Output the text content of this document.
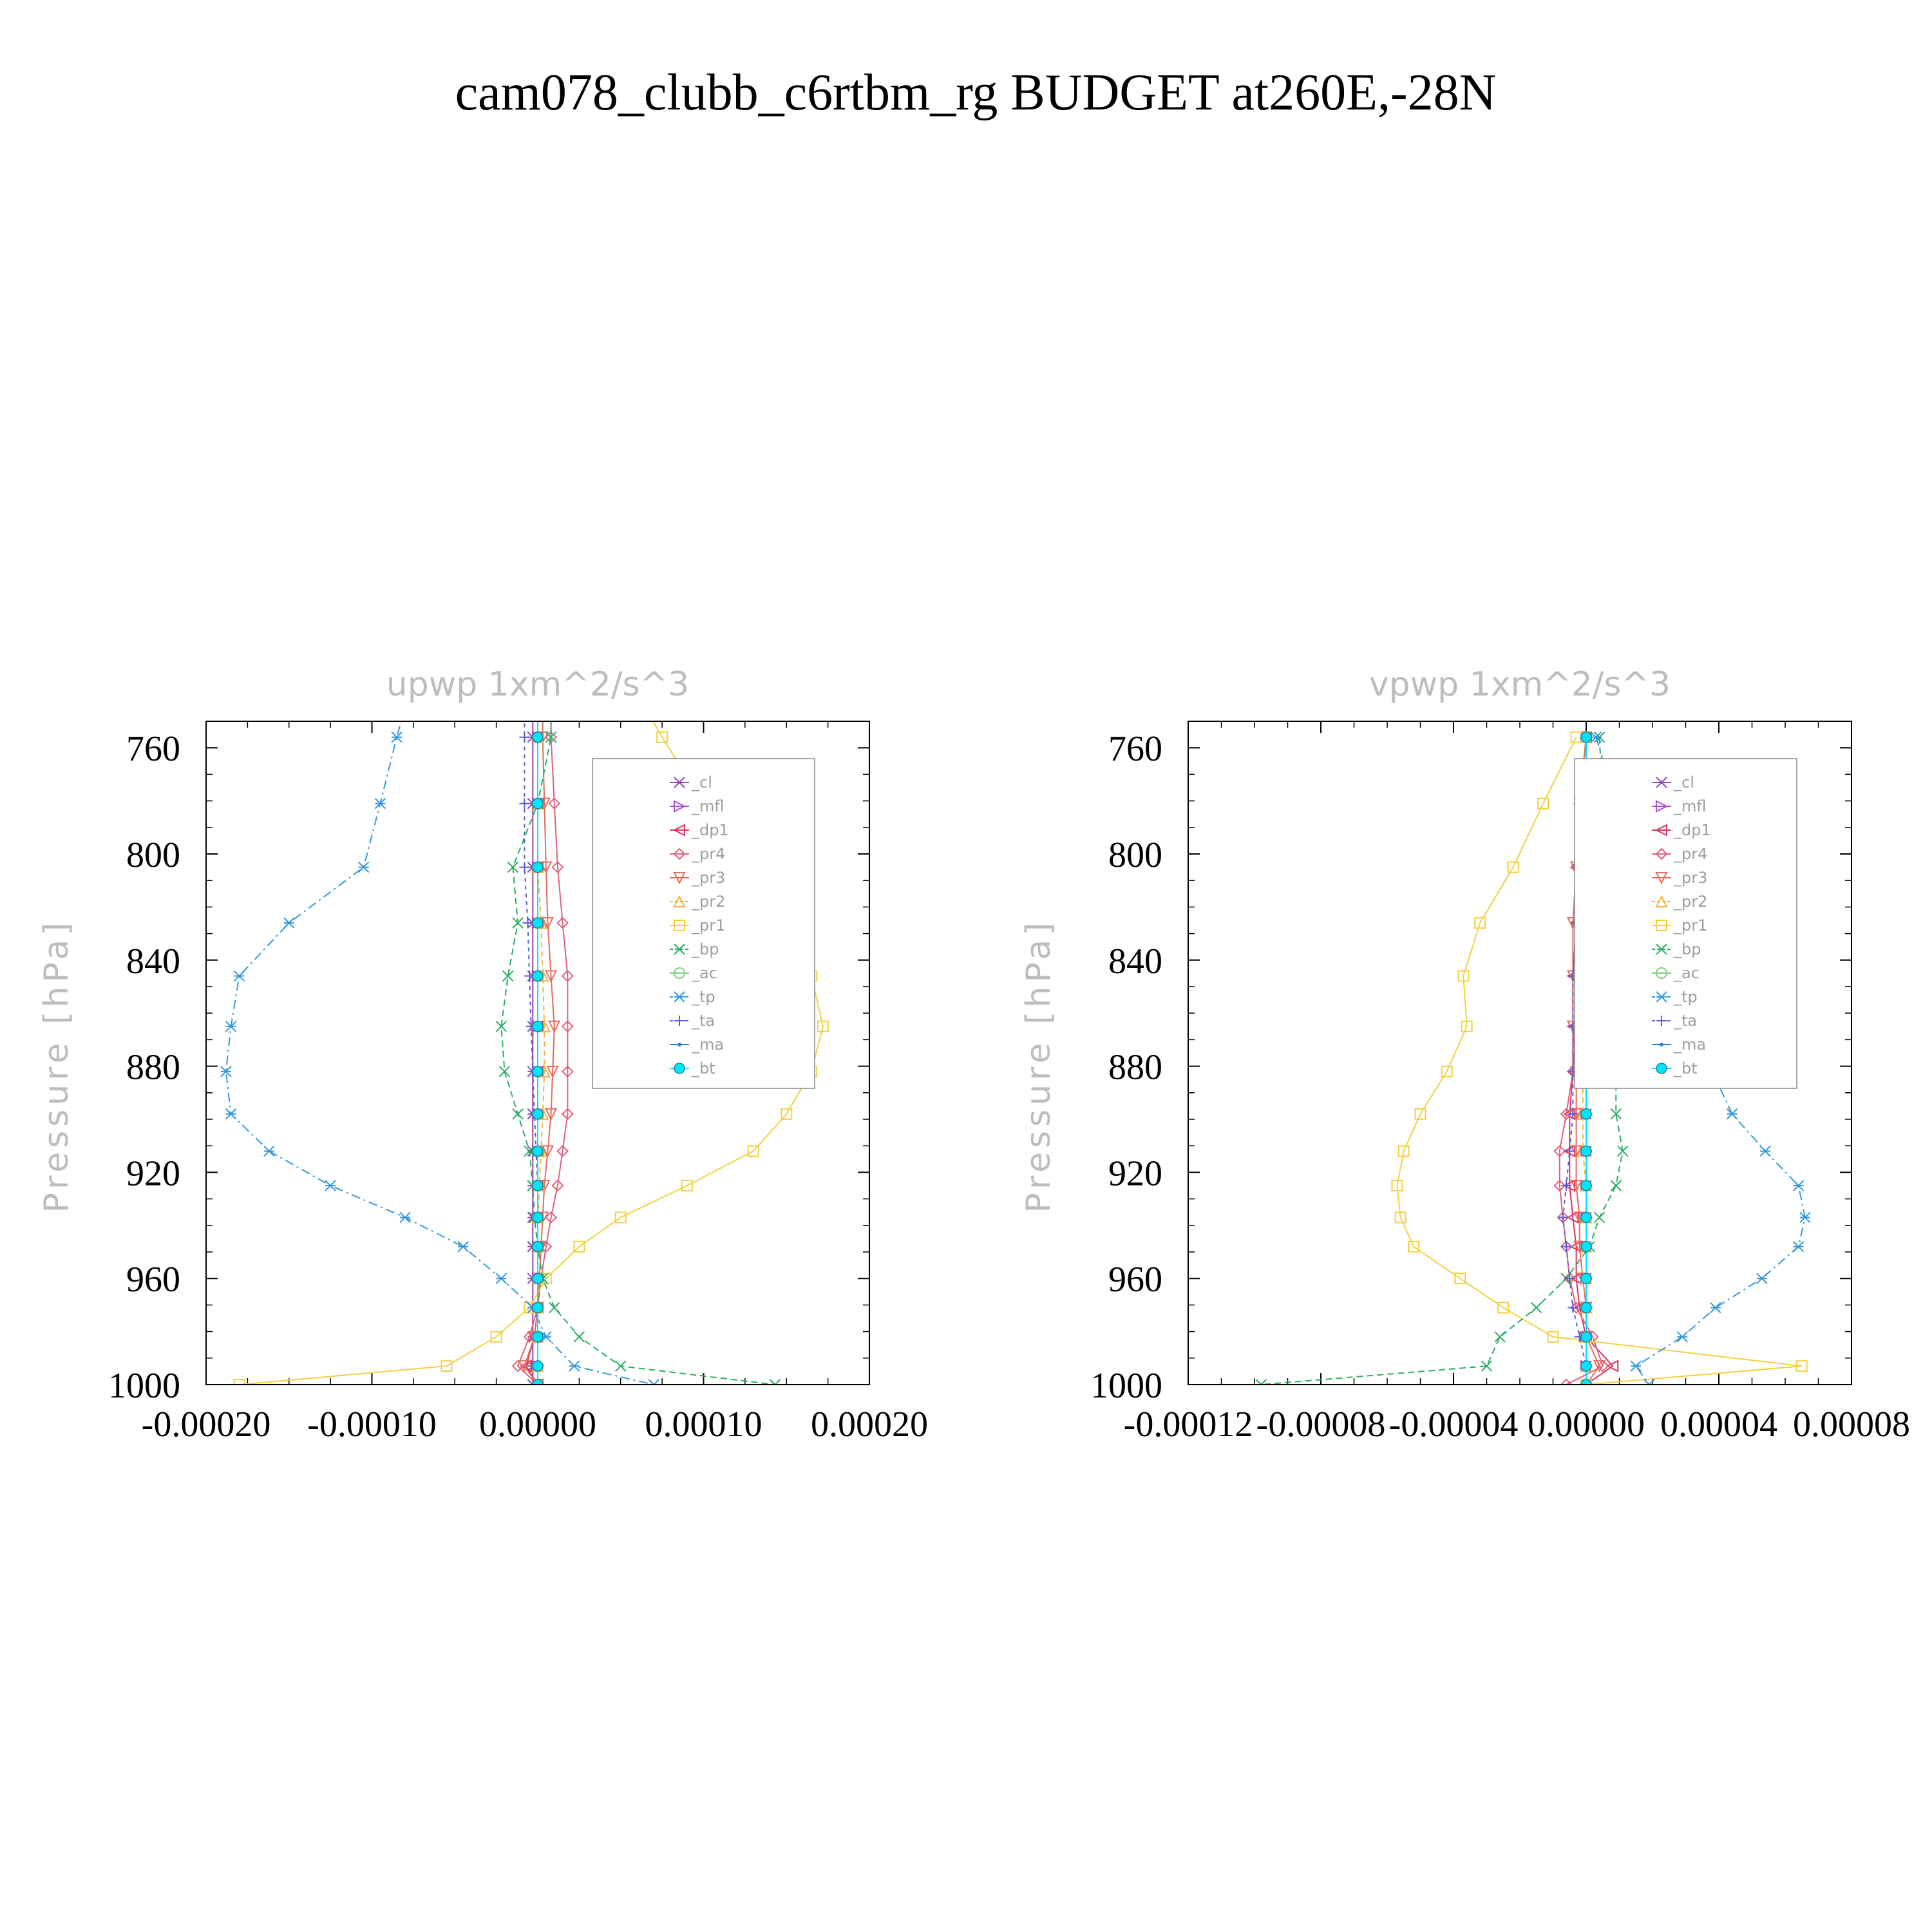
cam078_clubb_c6rtbm_rg BUDGET at260E,-28N
upwp 1xm^2/s^3
Pressure [hPa]
760
800
840
880
920
960
1000
-0.00020 -0.00010 0.00000 0.00010 0.00020
_cl
_mfl
_dp1
_pr4
_pr3
_pr2
_pr1
_bp
_ac
_tp
_ta
_ma
_bt
vpwp 1xm^2/s^3
Pressure [hPa]
760
800
840
880
920
960
1000
-0.00012 -0.00008 -0.00004 0.00000 0.00004 0.00008
_cl
_mfl
_dp1
_pr4
_pr3
_pr2
_pr1
_bp
_ac
_tp
_ta
_ma
_bt
